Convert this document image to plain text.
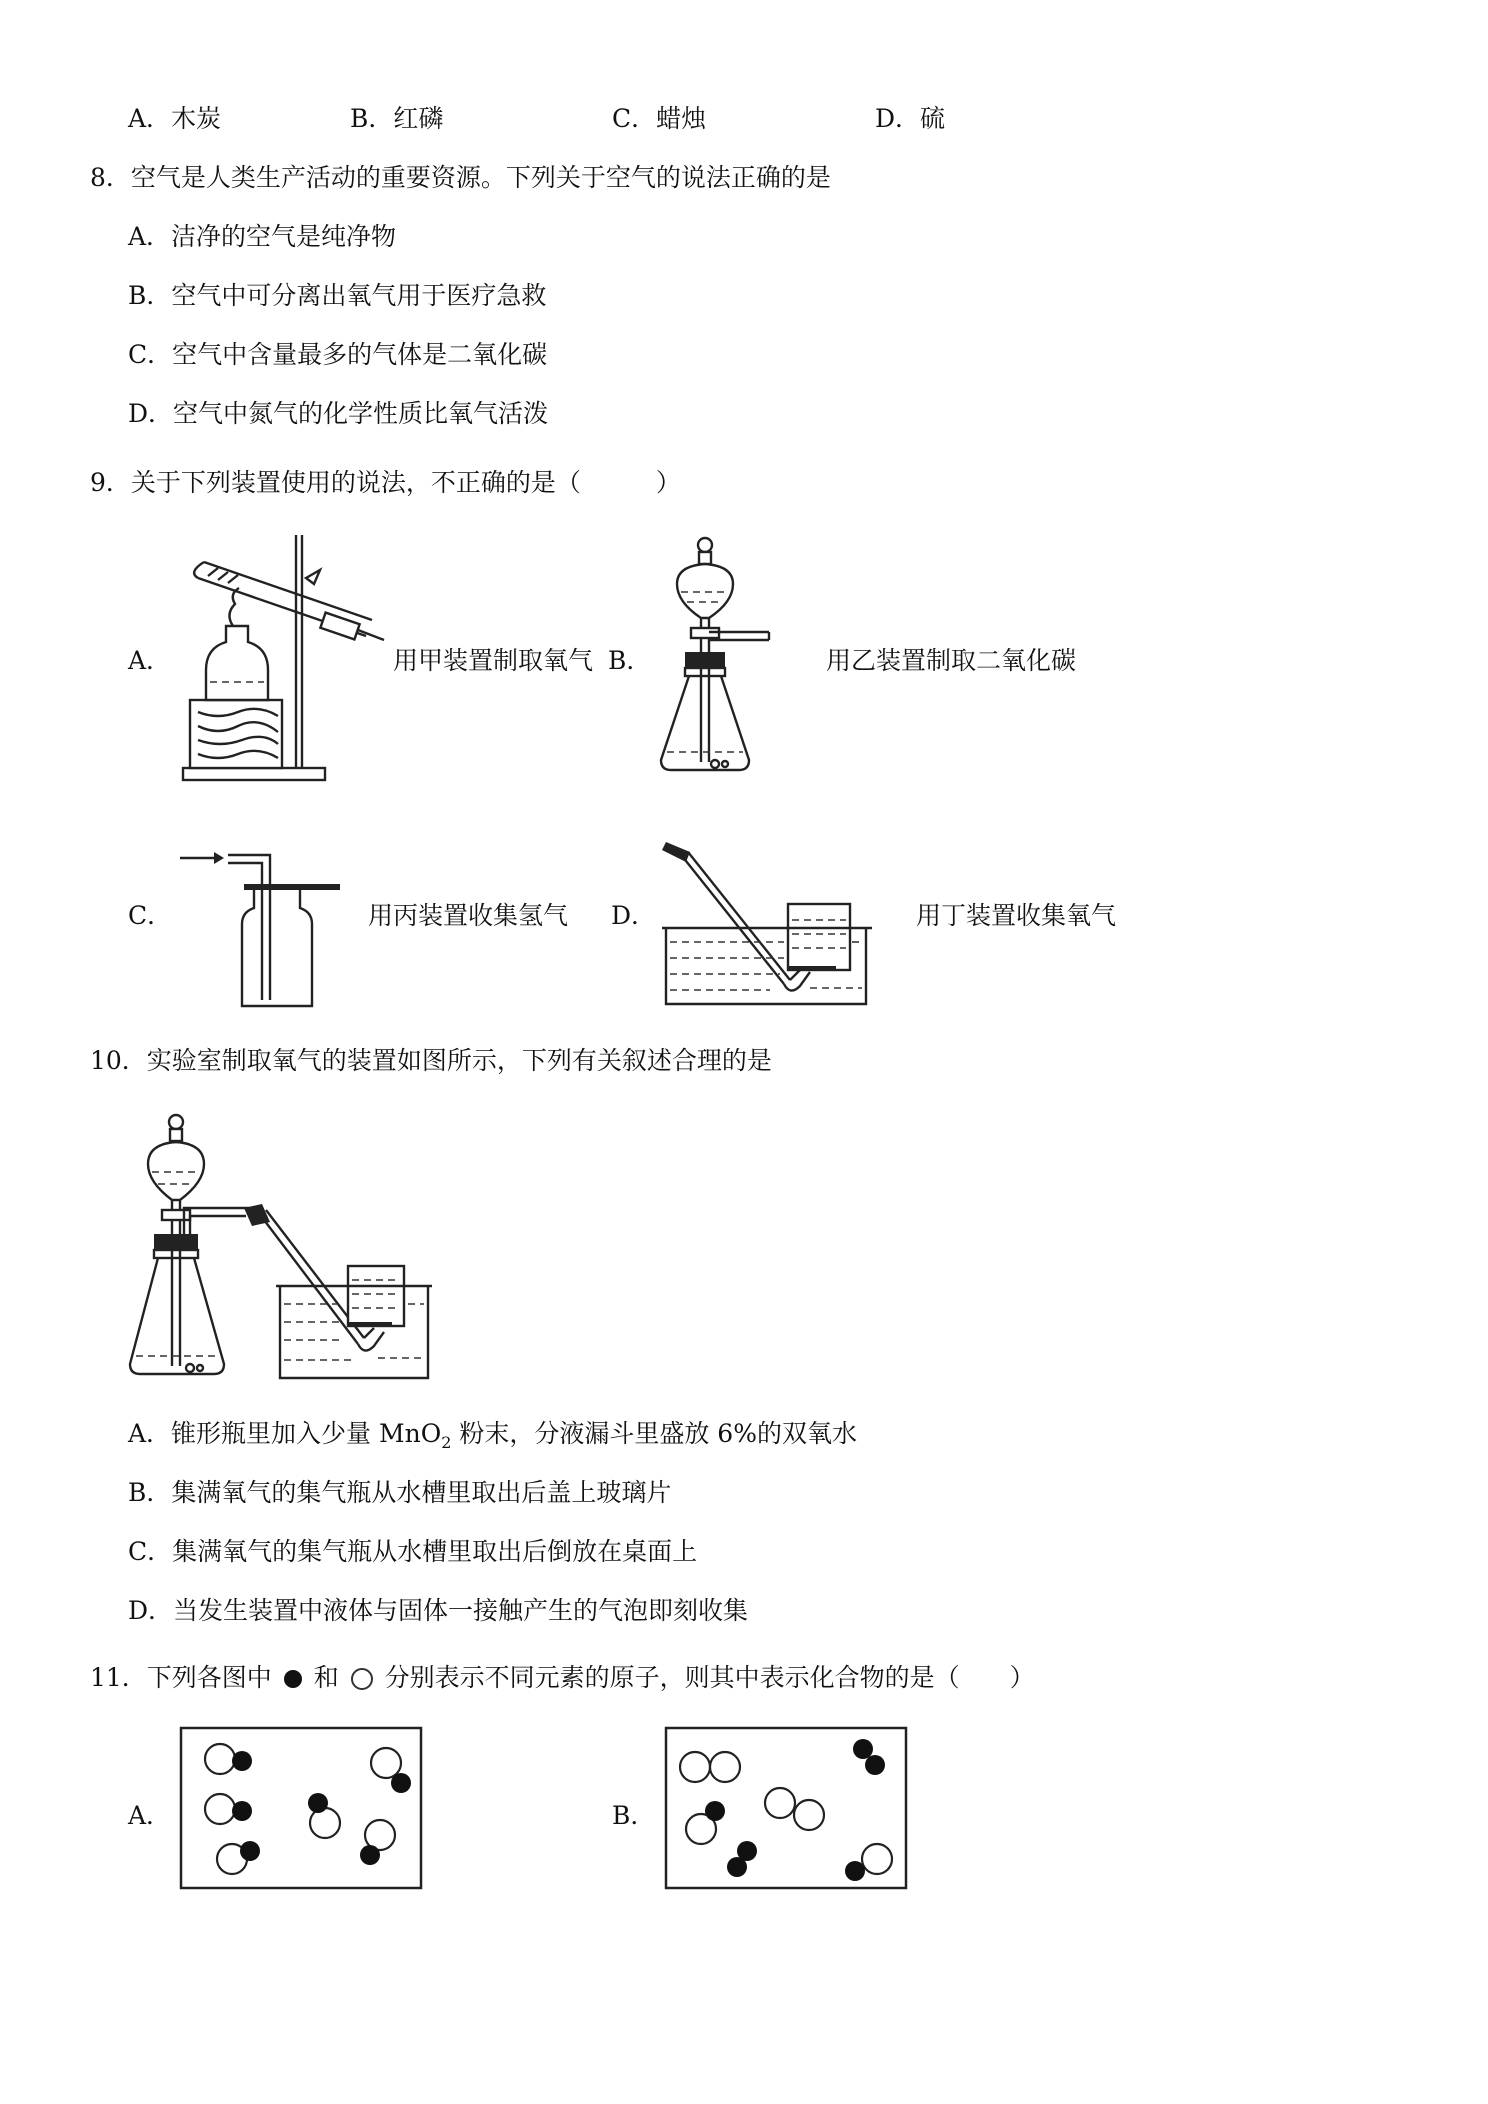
A．木炭	B．红磷	C．蜡烛	D．硫
8．空气是人类生产活动的重要资源。下列关于空气的说法正确的是
A．洁净的空气是纯净物
B．空气中可分离出氧气用于医疗急救
C．空气中含量最多的气体是二氧化碳
D．空气中氮气的化学性质比氧气活泼
9．关于下列装置使用的说法，不正确的是（　　　）
A．	用甲装置制取氧气 B．	用乙装置制取二氧化碳
C．	用丙装置收集氢气 D．	用丁装置收集氧气
10．实验室制取氧气的装置如图所示，下列有关叙述合理的是
A．锥形瓶里加入少量 MnO$_2$ 粉末，分液漏斗里盛放 6%的双氧水
B．集满氧气的集气瓶从水槽里取出后盖上玻璃片
C．集满氧气的集气瓶从水槽里取出后倒放在桌面上
D．当发生装置中液体与固体一接触产生的气泡即刻收集
11．下列各图中 和 分别表示不同元素的原子，则其中表示化合物的是（　　）
A．	B．
